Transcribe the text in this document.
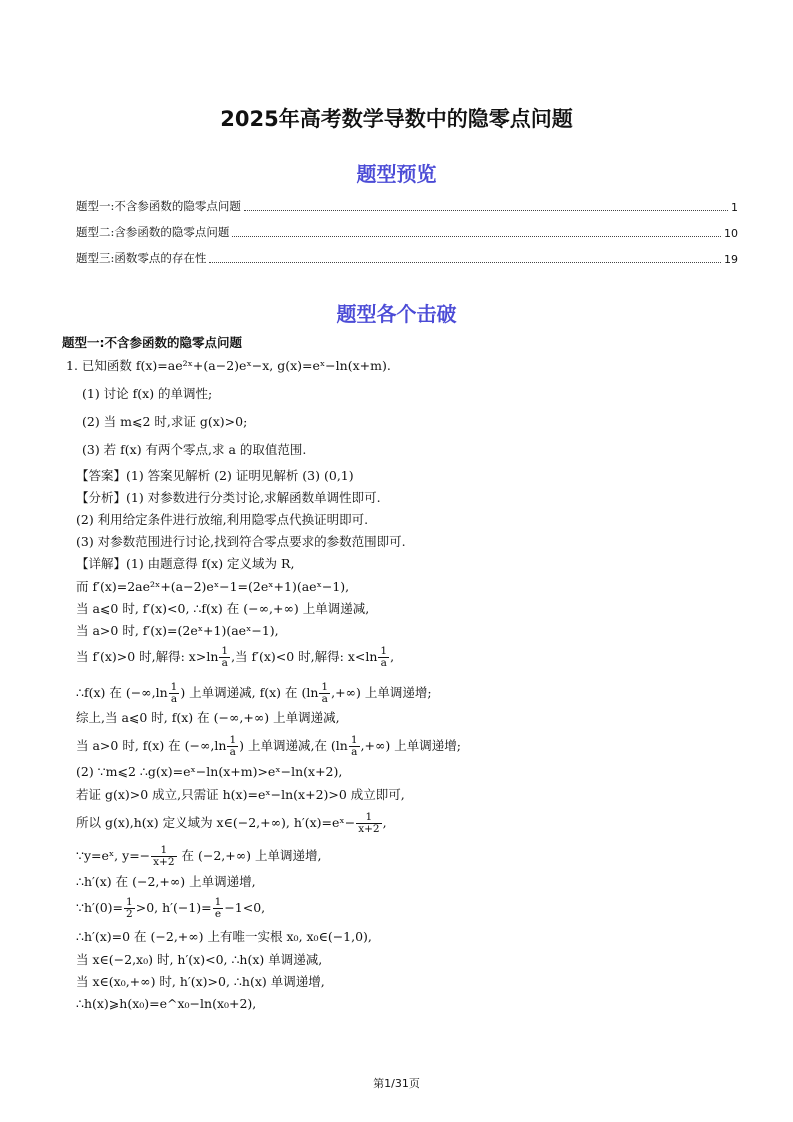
2025年高考数学导数中的隐零点问题
题型预览
题型一:不含参函数的隐零点问题	1
题型二:含参函数的隐零点问题	10
题型三:函数零点的存在性	19
题型各个击破
题型一:不含参函数的隐零点问题
1. 已知函数 f(x)=ae²ˣ+(a−2)eˣ−x, g(x)=eˣ−ln(x+m).
(1) 讨论 f(x) 的单调性;
(2) 当 m⩽2 时,求证 g(x)>0;
(3) 若 f(x) 有两个零点,求 a 的取值范围.
【答案】(1) 答案见解析 (2) 证明见解析 (3) (0,1)
【分析】(1) 对参数进行分类讨论,求解函数单调性即可.
(2) 利用给定条件进行放缩,利用隐零点代换证明即可.
(3) 对参数范围进行讨论,找到符合零点要求的参数范围即可.
【详解】(1) 由题意得 f(x) 定义域为 R,
而 f′(x)=2ae²ˣ+(a−2)eˣ−1=(2eˣ+1)(aeˣ−1),
当 a⩽0 时, f′(x)<0, ∴f(x) 在 (−∞,+∞) 上单调递减,
当 a>0 时, f′(x)=(2eˣ+1)(aeˣ−1),
当 f′(x)>0 时,解得: $x>\ln \frac{1}{a}$ ,当 f′(x)<0 时,解得: $x<\ln \frac{1}{a}$ ,
∴f(x) 在 ($-\infty,\ln \frac{1}{a}$ ) 上单调递减, f(x) 在 ($\ln \frac{1}{a}$ ,+∞) 上单调递增;
综上,当 a⩽0 时, f(x) 在 (−∞,+∞) 上单调递减,
当 a>0 时, f(x) 在 ($-\infty,\ln \frac{1}{a}$ ) 上单调递减,在 ($\ln \frac{1}{a}$ ,+∞) 上单调递增;
(2) ∵m⩽2 ∴g(x)=eˣ−ln(x+m)>eˣ−ln(x+2),
若证 g(x)>0 成立,只需证 h(x)=eˣ−ln(x+2)>0 成立即可,
所以 g(x),h(x) 定义域为 x∈(−2,+∞), h′(x)=eˣ− $\frac{1}{x+2}$ ,
∵y=eˣ, $y=- \frac{1}{x+2}$ 在 (−2,+∞) 上单调递增,
∴h′(x) 在 (−2,+∞) 上单调递增,
∵h′(0)= $\frac{1}{2} >0$, $h'(-1)= \frac{1}{e} -1<0$,
∴h′(x)=0 在 (−2,+∞) 上有唯一实根 x₀, x₀∈(−1,0),
当 x∈(−2,x₀) 时, h′(x)<0, ∴h(x) 单调递减,
当 x∈(x₀,+∞) 时, h′(x)>0, ∴h(x) 单调递增,
∴h(x)⩾h(x₀)=e^x₀−ln(x₀+2),
第1/31页
